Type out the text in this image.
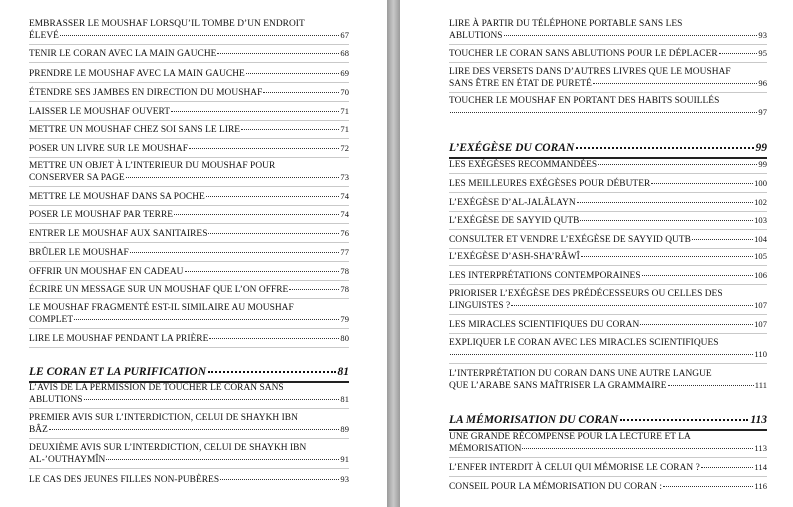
EMBRASSER LE MOUSHAF LORSQU’IL TOMBE D’UN ENDROIT
ÉLEVÉ	67
TENIR LE CORAN AVEC LA MAIN GAUCHE	68
PRENDRE LE MOUSHAF AVEC LA MAIN GAUCHE	69
ÉTENDRE SES JAMBES EN DIRECTION DU MOUSHAF	70
LAISSER LE MOUSHAF OUVERT	71
METTRE UN MOUSHAF CHEZ SOI SANS LE LIRE	71
POSER UN LIVRE SUR LE MOUSHAF	72
METTRE UN OBJET À L’INTERIEUR DU MOUSHAF POUR
CONSERVER SA PAGE	73
METTRE LE MOUSHAF DANS SA POCHE	74
POSER LE MOUSHAF PAR TERRE	74
ENTRER LE MOUSHAF AUX SANITAIRES	76
BRÛLER LE MOUSHAF	77
OFFRIR UN MOUSHAF EN CADEAU	78
ÉCRIRE UN MESSAGE SUR UN MOUSHAF QUE L’ON OFFRE	78
LE MOUSHAF FRAGMENTÉ EST-IL SIMILAIRE AU MOUSHAF
COMPLET	79
LIRE LE MOUSHAF PENDANT LA PRIÈRE	80
LE CORAN ET LA PURIFICATION	81
L’AVIS DE LA PERMISSION DE TOUCHER LE CORAN SANS
ABLUTIONS	81
PREMIER AVIS SUR L’INTERDICTION, CELUI DE SHAYKH IBN
BÂZ	89
DEUXIÈME AVIS SUR L’INTERDICTION, CELUI DE SHAYKH IBN
AL-’OUTHAYMÎN	91
LE CAS DES JEUNES FILLES NON-PUBÈRES	93
LIRE À PARTIR DU TÉLÉPHONE PORTABLE SANS LES
ABLUTIONS	93
TOUCHER LE CORAN SANS ABLUTIONS POUR LE DÉPLACER	95
LIRE DES VERSETS DANS D’AUTRES LIVRES QUE LE MOUSHAF
SANS ÊTRE EN ÉTAT DE PURETÉ	96
TOUCHER LE MOUSHAF EN PORTANT DES HABITS SOUILLÉS
97
L’EXÉGÈSE DU CORAN	99
LES EXÉGÈSES RECOMMANDÉES	99
LES MEILLEURES EXÉGÈSES POUR DÉBUTER	100
L’EXÉGÈSE D’AL-JALÂLAYN	102
L’EXÉGÈSE DE SAYYID QUTB	103
CONSULTER ET VENDRE L’EXÉGÈSE DE SAYYID QUTB	104
L’EXÉGÈSE D’ASH-SHA’RÂWÎ	105
LES INTERPRÉTATIONS CONTEMPORAINES	106
PRIORISER L’EXÉGÈSE DES PRÉDÉCESSEURS OU CELLES DES
LINGUISTES ?	107
LES MIRACLES SCIENTIFIQUES DU CORAN	107
EXPLIQUER LE CORAN AVEC LES MIRACLES SCIENTIFIQUES
110
L’INTERPRÉTATION DU CORAN DANS UNE AUTRE LANGUE
QUE L’ARABE SANS MAÎTRISER LA GRAMMAIRE	111
LA MÉMORISATION DU CORAN	113
UNE GRANDE RÉCOMPENSE POUR LA LECTURE ET LA
MÉMORISATION	113
L’ENFER INTERDIT À CELUI QUI MÉMORISE LE CORAN ?	114
CONSEIL POUR LA MÉMORISATION DU CORAN :	116
